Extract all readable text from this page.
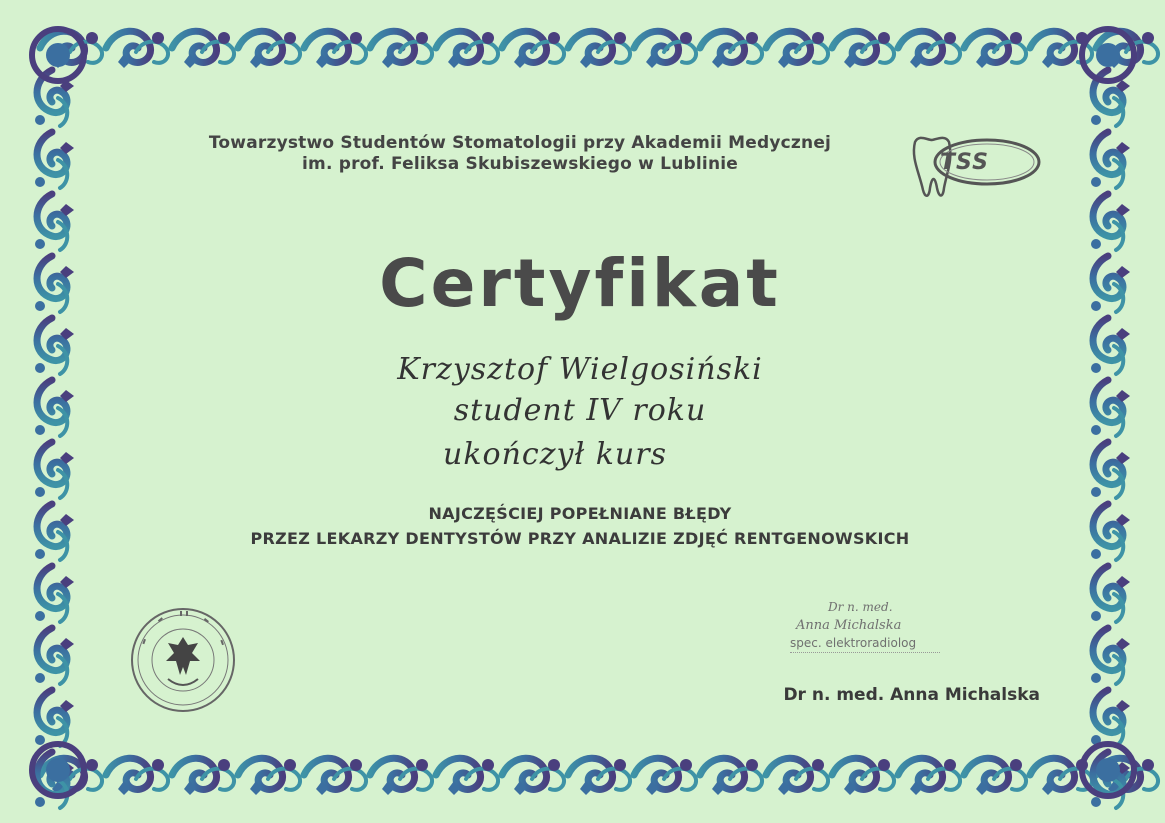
Towarzystwo Studentów Stomatologii przy Akademii Medycznej
im. prof. Feliksa Skubiszewskiego w Lublinie	TSS
Certyfikat
Krzysztof Wielgosiński
student IV roku
ukończył kurs
NAJCZĘŚCIEJ POPEŁNIANE BŁĘDY
PRZEZ LEKARZY DENTYSTÓW PRZY ANALIZIE ZDJĘĆ RENTGENOWSKICH
Dr n. med.
Anna Michalska
spec. elektroradiolog
Dr n. med. Anna Michalska
